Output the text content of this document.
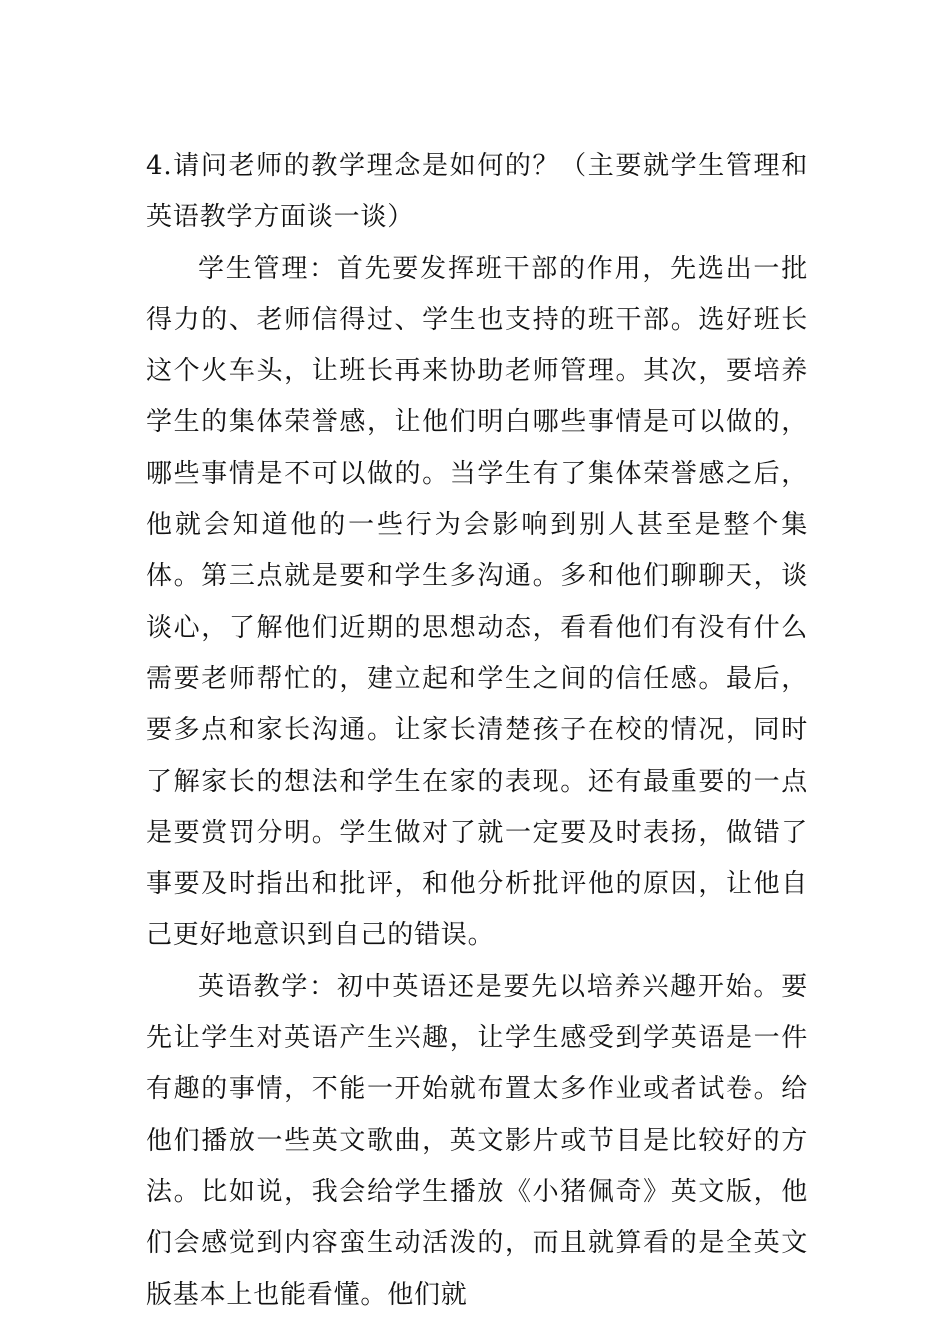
4.请问老师的教学理念是如何的？（主要就学生管理和英语教学方面谈一谈）

学生管理：首先要发挥班干部的作用，先选出一批得力的、老师信得过、学生也支持的班干部。选好班长这个火车头，让班长再来协助老师管理。其次，要培养学生的集体荣誉感，让他们明白哪些事情是可以做的，哪些事情是不可以做的。当学生有了集体荣誉感之后，他就会知道他的一些行为会影响到别人甚至是整个集体。第三点就是要和学生多沟通。多和他们聊聊天，谈谈心，了解他们近期的思想动态，看看他们有没有什么需要老师帮忙的，建立起和学生之间的信任感。最后，要多点和家长沟通。让家长清楚孩子在校的情况，同时了解家长的想法和学生在家的表现。还有最重要的一点是要赏罚分明。学生做对了就一定要及时表扬，做错了事要及时指出和批评，和他分析批评他的原因，让他自己更好地意识到自己的错误。

英语教学：初中英语还是要先以培养兴趣开始。要先让学生对英语产生兴趣，让学生感受到学英语是一件有趣的事情，不能一开始就布置太多作业或者试卷。给他们播放一些英文歌曲，英文影片或节目是比较好的方法。比如说，我会给学生播放《小猪佩奇》英文版，他们会感觉到内容蛮生动活泼的，而且就算看的是全英文版基本上也能看懂。他们就
